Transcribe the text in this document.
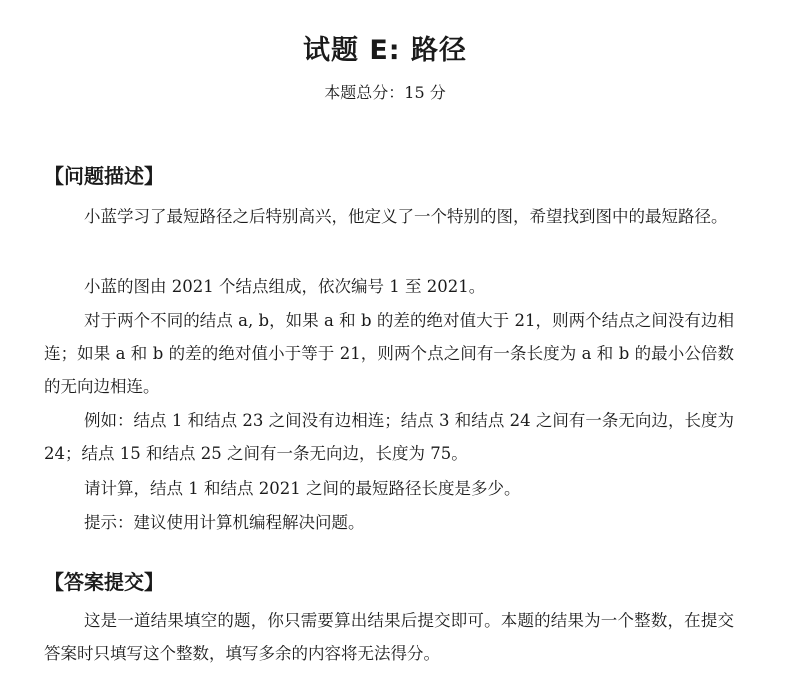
试题 E: 路径
本题总分：15 分
【问题描述】
小蓝学习了最短路径之后特别高兴，他定义了一个特别的图，希望找到图中的最短路径。
小蓝的图由 2021 个结点组成，依次编号 1 至 2021。
对于两个不同的结点 a, b，如果 a 和 b 的差的绝对值大于 21，则两个结点之间没有边相连；如果 a 和 b 的差的绝对值小于等于 21，则两个点之间有一条长度为 a 和 b 的最小公倍数的无向边相连。
例如：结点 1 和结点 23 之间没有边相连；结点 3 和结点 24 之间有一条无向边，长度为 24；结点 15 和结点 25 之间有一条无向边，长度为 75。
请计算，结点 1 和结点 2021 之间的最短路径长度是多少。
提示：建议使用计算机编程解决问题。
【答案提交】
这是一道结果填空的题，你只需要算出结果后提交即可。本题的结果为一个整数，在提交答案时只填写这个整数，填写多余的内容将无法得分。
